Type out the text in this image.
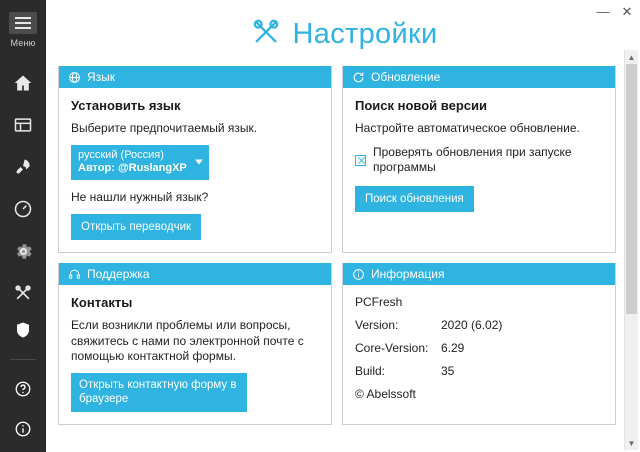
Меню
— ✕
Настройки
Язык
Установить язык

Выберите предпочитаемый язык.

русский (Россия)
Автор: @RuslangXP

Не нашли нужный язык?

Открыть переводчик
Обновление
Поиск новой версии

Настройте автоматическое обновление.

Проверять обновления при запуске программы
Поиск обновления
Поддержка
Контакты

Если возникли проблемы или вопросы, свяжитесь с нами по электронной почте с помощью контактной формы.

Открыть контактную форму в браузере
Информация
PCFresh
Version:	2020 (6.02)
Core-Version:	6.29
Build:	35
© Abelssoft
▲
▼
